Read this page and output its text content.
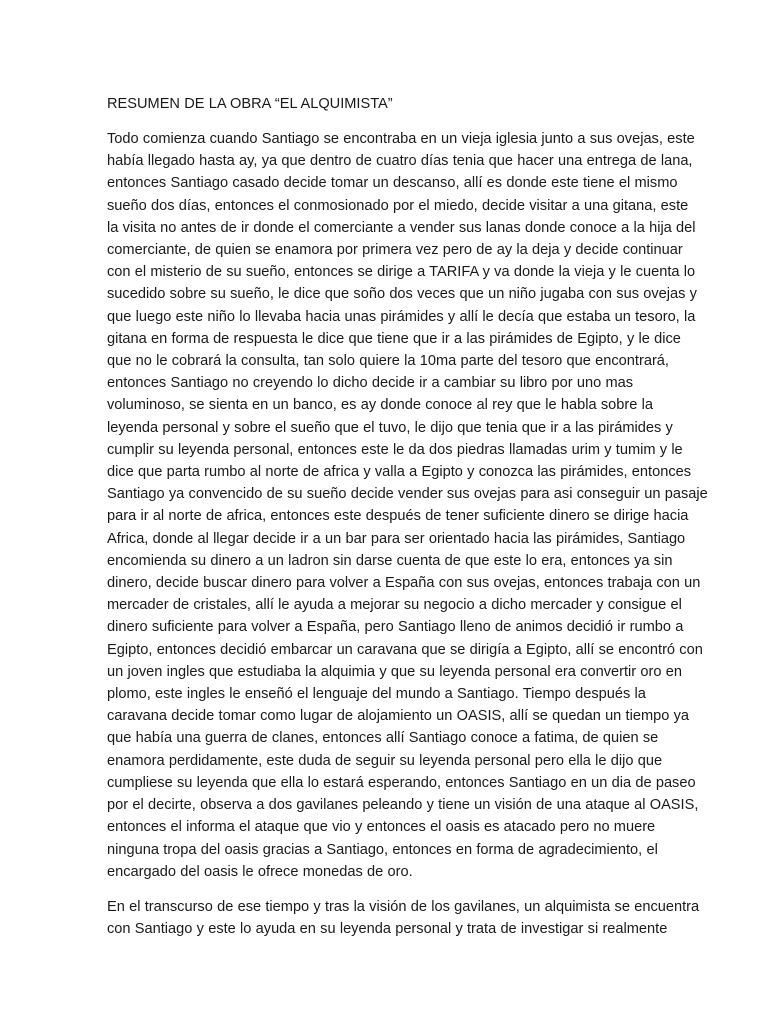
RESUMEN DE LA OBRA “EL ALQUIMISTA”

Todo comienza cuando Santiago se encontraba en un vieja iglesia junto a sus ovejas, este
había llegado hasta ay, ya que dentro de cuatro días tenia que hacer una entrega de lana,
entonces Santiago casado decide tomar un descanso, allí es donde este tiene el mismo
sueño dos días, entonces el conmosionado por el miedo, decide visitar a una gitana, este
la visita no antes de ir donde el comerciante a vender sus lanas donde conoce a la hija del
comerciante, de quien se enamora por primera vez pero de ay la deja y decide continuar
con el misterio de su sueño, entonces se dirige a TARIFA y va donde la vieja y le cuenta lo
sucedido sobre su sueño, le dice que soño dos veces que un niño jugaba con sus ovejas y
que luego este niño lo llevaba hacia unas pirámides y allí le decía que estaba un tesoro, la
gitana en forma de respuesta le dice que tiene que ir a las pirámides de Egipto, y le dice
que no le cobrará la consulta, tan solo quiere la 10ma parte del tesoro que encontrará,
entonces Santiago no creyendo lo dicho decide ir a cambiar su libro por uno mas
voluminoso, se sienta en un banco, es ay donde conoce al rey que le habla sobre la
leyenda personal y sobre el sueño que el tuvo, le dijo que tenia que ir a las pirámides y
cumplir su leyenda personal, entonces este le da dos piedras llamadas urim y tumim y le
dice que parta rumbo al norte de africa y valla a Egipto y conozca las pirámides, entonces
Santiago ya convencido de su sueño decide vender sus ovejas para asi conseguir un pasaje
para ir al norte de africa, entonces este después de tener suficiente dinero se dirige hacia
Africa, donde al llegar decide ir a un bar para ser orientado hacia las pirámides, Santiago
encomienda su dinero a un ladron sin darse cuenta de que este lo era, entonces ya sin
dinero, decide buscar dinero para volver a España con sus ovejas, entonces trabaja con un
mercader de cristales, allí le ayuda a mejorar su negocio a dicho mercader y consigue el
dinero suficiente para volver a España, pero Santiago lleno de animos decidió ir rumbo a
Egipto, entonces decidió embarcar un caravana que se dirigía a Egipto, allí se encontró con
un joven ingles que estudiaba la alquimia y que su leyenda personal era convertir oro en
plomo, este ingles le enseñó el lenguaje del mundo a Santiago. Tiempo después la
caravana decide tomar como lugar de alojamiento un OASIS, allí se quedan un tiempo ya
que había una guerra de clanes, entonces allí Santiago conoce a fatima, de quien se
enamora perdidamente, este duda de seguir su leyenda personal pero ella le dijo que
cumpliese su leyenda que ella lo estará esperando, entonces Santiago en un dia de paseo
por el decirte, observa a dos gavilanes peleando y tiene un visión de una ataque al OASIS,
entonces el informa el ataque que vio y entonces el oasis es atacado pero no muere
ninguna tropa del oasis gracias a Santiago, entonces en forma de agradecimiento, el
encargado del oasis le ofrece monedas de oro.

En el transcurso de ese tiempo y tras la visión de los gavilanes, un alquimista se encuentra
con Santiago y este lo ayuda en su leyenda personal y trata de investigar si realmente
